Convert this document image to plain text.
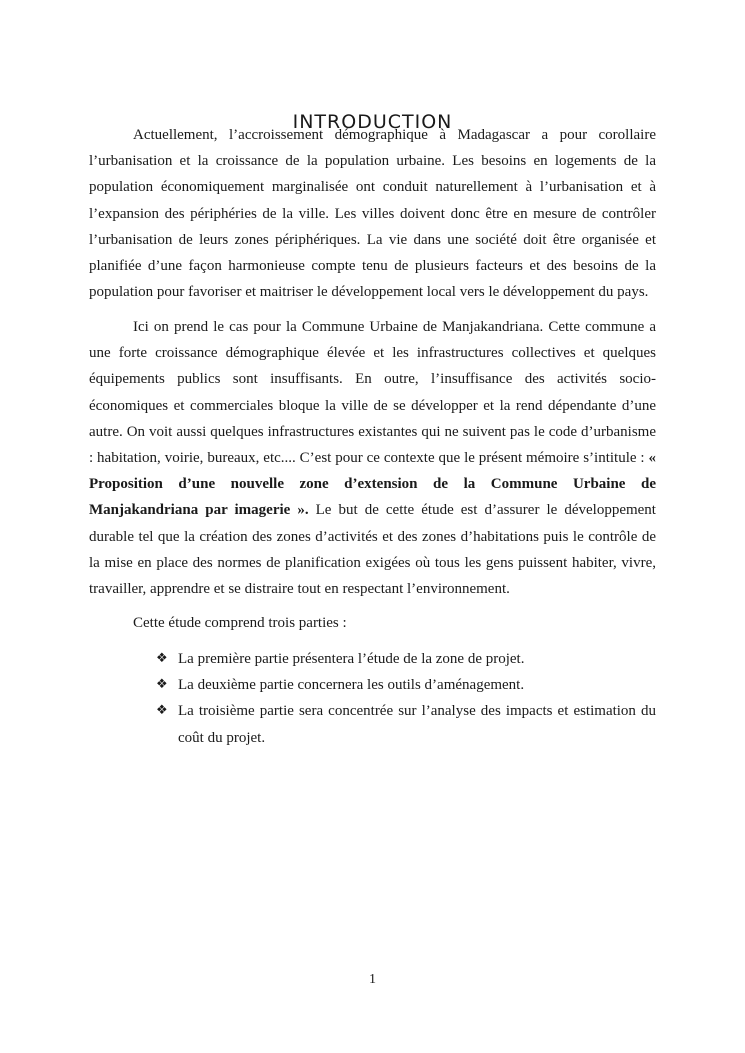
introduction

Actuellement, l’accroissement démographique à Madagascar a pour corollaire l’urbanisation et la croissance de la population urbaine. Les besoins en logements de la population économiquement marginalisée ont conduit naturellement à l’urbanisation et à l’expansion des périphéries de la ville. Les villes doivent donc être en mesure de contrôler l’urbanisation de leurs zones périphériques. La vie dans une société doit être organisée et planifiée d’une façon harmonieuse compte tenu de plusieurs facteurs et des besoins de la population pour favoriser et maitriser le développement local vers le développement du pays.

Ici on prend le cas pour la Commune Urbaine de Manjakandriana. Cette commune a une forte croissance démographique élevée et les infrastructures collectives et quelques équipements publics sont insuffisants. En outre, l’insuffisance des activités socio-économiques et commerciales bloque la ville de se développer et la rend dépendante d’une autre. On voit aussi quelques infrastructures existantes qui ne suivent pas le code d’urbanisme : habitation, voirie, bureaux, etc.... C’est pour ce contexte que le présent mémoire s’intitule : « Proposition d’une nouvelle zone d’extension de la Commune Urbaine de Manjakandriana par imagerie ». Le but de cette étude est d’assurer le développement durable tel que la création des zones d’activités et des zones d’habitations puis le contrôle de la mise en place des normes de planification exigées où tous les gens puissent habiter, vivre, travailler, apprendre et se distraire tout en respectant l’environnement.

Cette étude comprend trois parties :

❖ La première partie présentera l’étude de la zone de projet.
❖ La deuxième partie concernera les outils d’aménagement.
❖ La troisième partie sera concentrée sur l’analyse des impacts et estimation du coût du projet.
1
